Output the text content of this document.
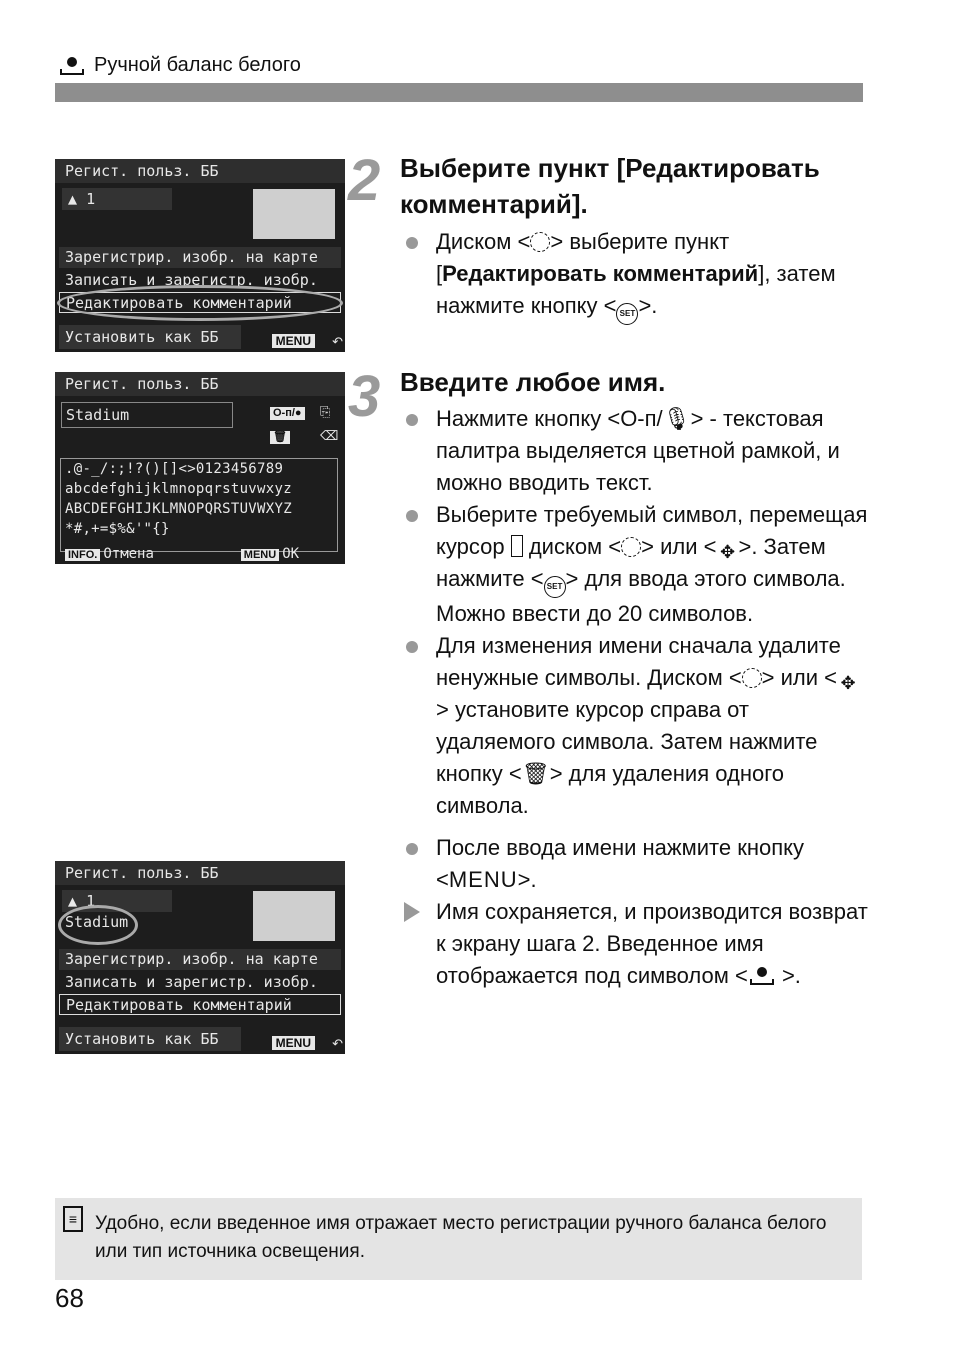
Ручной баланс белого
Регист. польз. ББ
▲ 1
Зарегистрир. изобр. на карте
Записать и зарегистр. изобр.
Редактировать комментарий
Установить как ББ	MENU	↶
Регист. польз. ББ
Stadium	О-п/● ⎘
🗑	⌫
.@-_/:;!?()[]<>0123456789
abcdefghijklmnopqrstuvwxyz
ABCDEFGHIJKLMNOPQRSTUVWXYZ
*#,+=$%&'"{}
INFO. Отмена	MENU OK
Регист. польз. ББ
▲ 1
Stadium
Зарегистрир. изобр. на карте
Записать и зарегистр. изобр.
Редактировать комментарий
Установить как ББ	MENU	↶
2 Выберите пункт [Редактировать комментарий].
Диском < > выберите пункт [Редактировать комментарий], затем нажмите кнопку < SET >.
3 Введите любое имя.
Нажмите кнопку <О-п/🎙> - текстовая палитра выделяется цветной рамкой, и можно вводить текст.
Выберите требуемый символ, перемещая курсор  диском < > или < ✥ >. Затем нажмите < SET > для ввода этого символа. Можно ввести до 20 символов.
Для изменения имени сначала удалите ненужные символы. Диском < > или < ✥> установите курсор справа от удаляемого символа. Затем нажмите кнопку <🗑> для удаления одного символа.
После ввода имени нажмите кнопку <MENU>.
Имя сохраняется, и производится возврат к экрану шага 2. Введенное имя отображается под символом < >.
≡ Удобно, если введенное имя отражает место регистрации ручного баланса белого или тип источника освещения.
68
